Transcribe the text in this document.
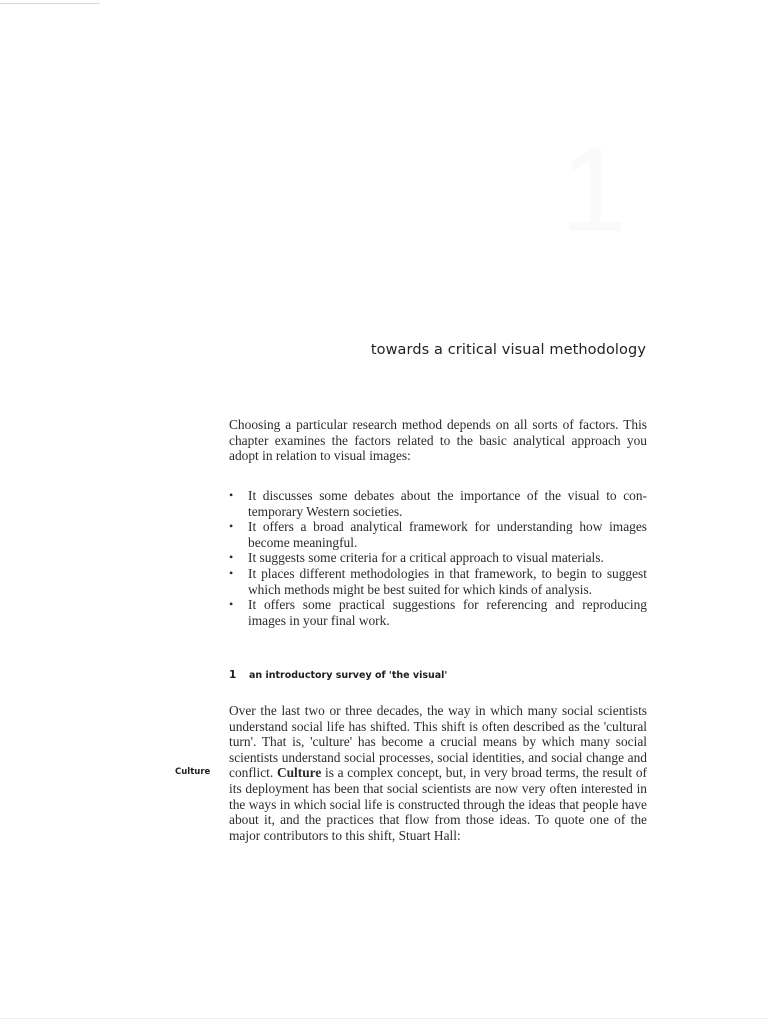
1
towards a critical visual methodology
Choosing a particular research method depends on all sorts of factors. This chapter examines the factors related to the basic analytical approach you adopt in relation to visual images:
• It discusses some debates about the importance of the visual to con-temporary Western societies.
• It offers a broad analytical framework for understanding how images become meaningful.
• It suggests some criteria for a critical approach to visual materials.
• It places different methodologies in that framework, to begin to suggest which methods might be best suited for which kinds of analysis.
• It offers some practical suggestions for referencing and reproducing images in your final work.
1 an introductory survey of 'the visual'
Culture
Over the last two or three decades, the way in which many social scientists understand social life has shifted. This shift is often described as the 'cultural turn'. That is, 'culture' has become a crucial means by which many social scientists understand social processes, social identities, and social change and conflict. Culture is a complex concept, but, in very broad terms, the result of its deployment has been that social scientists are now very often interested in the ways in which social life is constructed through the ideas that people have about it, and the practices that flow from those ideas. To quote one of the major contributors to this shift, Stuart Hall:
